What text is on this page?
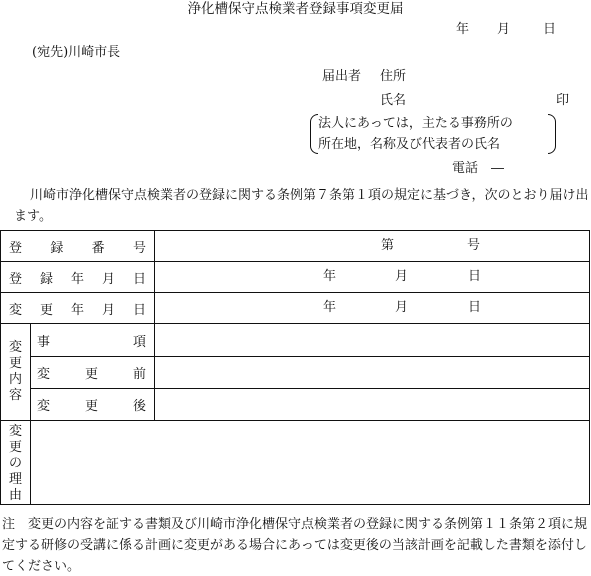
浄化槽保守点検業者登録事項変更届
年 月	日
(宛先)川崎市長
届出者 住所
氏名	印
法人にあっては，主たる事務所の
所在地，名称及び代表者の氏名
電話　―
川崎市浄化槽保守点検業者の登録に関する条例第７条第１項の規定に基づき，次のとおり届け出ます。
登 録 番 号		第 号

登 録 年 月 日		年 月 日

変 更 年 月 日		年 月 日

変更内容	事 項	

	変 更 前	

	変 更 後	

変更の理由		

注　変更の内容を証する書類及び川崎市浄化槽保守点検業者の登録に関する条例第１１条第２項に規定する研修の受講に係る計画に変更がある場合にあっては変更後の当該計画を記載した書類を添付してください。
